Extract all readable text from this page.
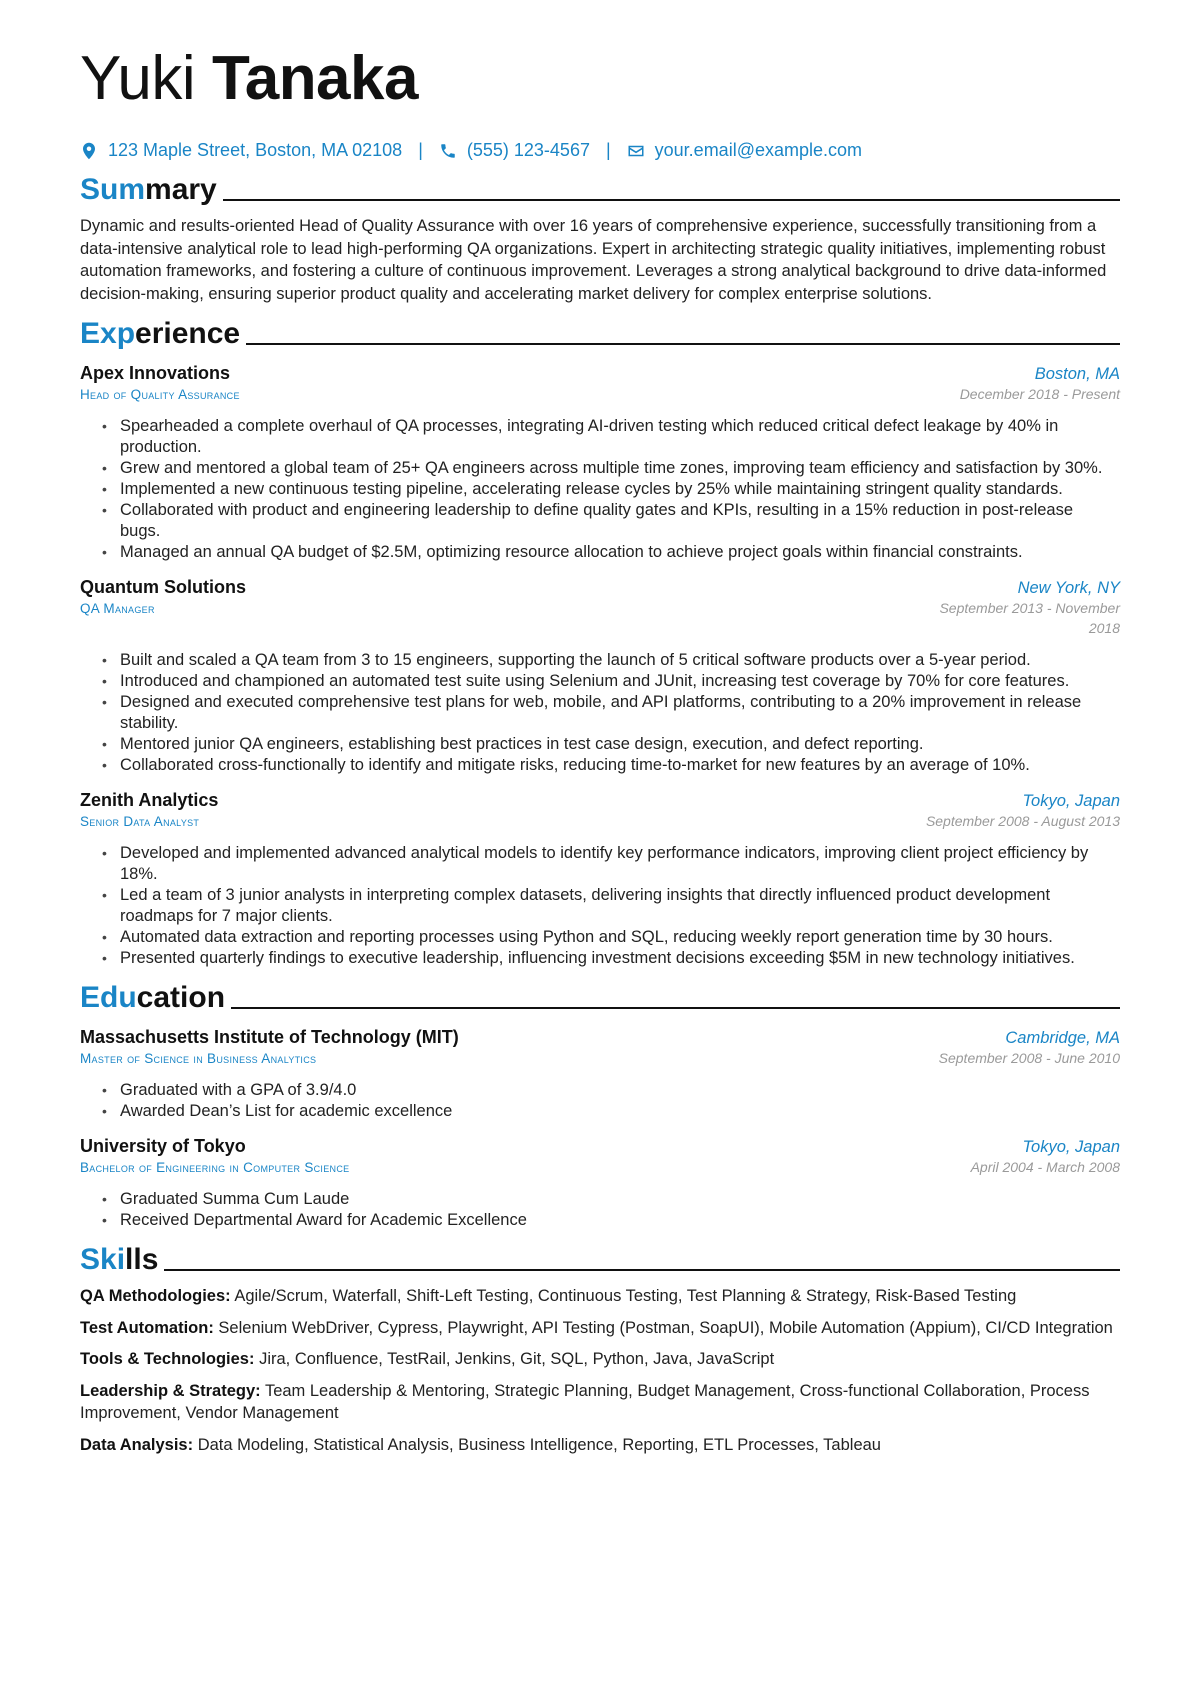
Yuki Tanaka
123 Maple Street, Boston, MA 02108 | (555) 123-4567 | your.email@example.com
Summary
Dynamic and results-oriented Head of Quality Assurance with over 16 years of comprehensive experience, successfully transitioning from a data-intensive analytical role to lead high-performing QA organizations. Expert in architecting strategic quality initiatives, implementing robust automation frameworks, and fostering a culture of continuous improvement. Leverages a strong analytical background to drive data-informed decision-making, ensuring superior product quality and accelerating market delivery for complex enterprise solutions.
Experience
Apex Innovations	Boston, MA
Head of Quality Assurance	December 2018 - Present
• Spearheaded a complete overhaul of QA processes, integrating AI-driven testing which reduced critical defect leakage by 40% in production.
• Grew and mentored a global team of 25+ QA engineers across multiple time zones, improving team efficiency and satisfaction by 30%.
• Implemented a new continuous testing pipeline, accelerating release cycles by 25% while maintaining stringent quality standards.
• Collaborated with product and engineering leadership to define quality gates and KPIs, resulting in a 15% reduction in post-release bugs.
• Managed an annual QA budget of $2.5M, optimizing resource allocation to achieve project goals within financial constraints.
Quantum Solutions	New York, NY
QA Manager	September 2013 - November 2018
• Built and scaled a QA team from 3 to 15 engineers, supporting the launch of 5 critical software products over a 5-year period.
• Introduced and championed an automated test suite using Selenium and JUnit, increasing test coverage by 70% for core features.
• Designed and executed comprehensive test plans for web, mobile, and API platforms, contributing to a 20% improvement in release stability.
• Mentored junior QA engineers, establishing best practices in test case design, execution, and defect reporting.
• Collaborated cross-functionally to identify and mitigate risks, reducing time-to-market for new features by an average of 10%.
Zenith Analytics	Tokyo, Japan
Senior Data Analyst	September 2008 - August 2013
• Developed and implemented advanced analytical models to identify key performance indicators, improving client project efficiency by 18%.
• Led a team of 3 junior analysts in interpreting complex datasets, delivering insights that directly influenced product development roadmaps for 7 major clients.
• Automated data extraction and reporting processes using Python and SQL, reducing weekly report generation time by 30 hours.
• Presented quarterly findings to executive leadership, influencing investment decisions exceeding $5M in new technology initiatives.
Education
Massachusetts Institute of Technology (MIT)	Cambridge, MA
Master of Science in Business Analytics	September 2008 - June 2010
• Graduated with a GPA of 3.9/4.0
• Awarded Dean’s List for academic excellence
University of Tokyo	Tokyo, Japan
Bachelor of Engineering in Computer Science	April 2004 - March 2008
• Graduated Summa Cum Laude
• Received Departmental Award for Academic Excellence
Skills
QA Methodologies: Agile/Scrum, Waterfall, Shift-Left Testing, Continuous Testing, Test Planning & Strategy, Risk-Based Testing
Test Automation: Selenium WebDriver, Cypress, Playwright, API Testing (Postman, SoapUI), Mobile Automation (Appium), CI/CD Integration
Tools & Technologies: Jira, Confluence, TestRail, Jenkins, Git, SQL, Python, Java, JavaScript
Leadership & Strategy: Team Leadership & Mentoring, Strategic Planning, Budget Management, Cross-functional Collaboration, Process Improvement, Vendor Management
Data Analysis: Data Modeling, Statistical Analysis, Business Intelligence, Reporting, ETL Processes, Tableau
